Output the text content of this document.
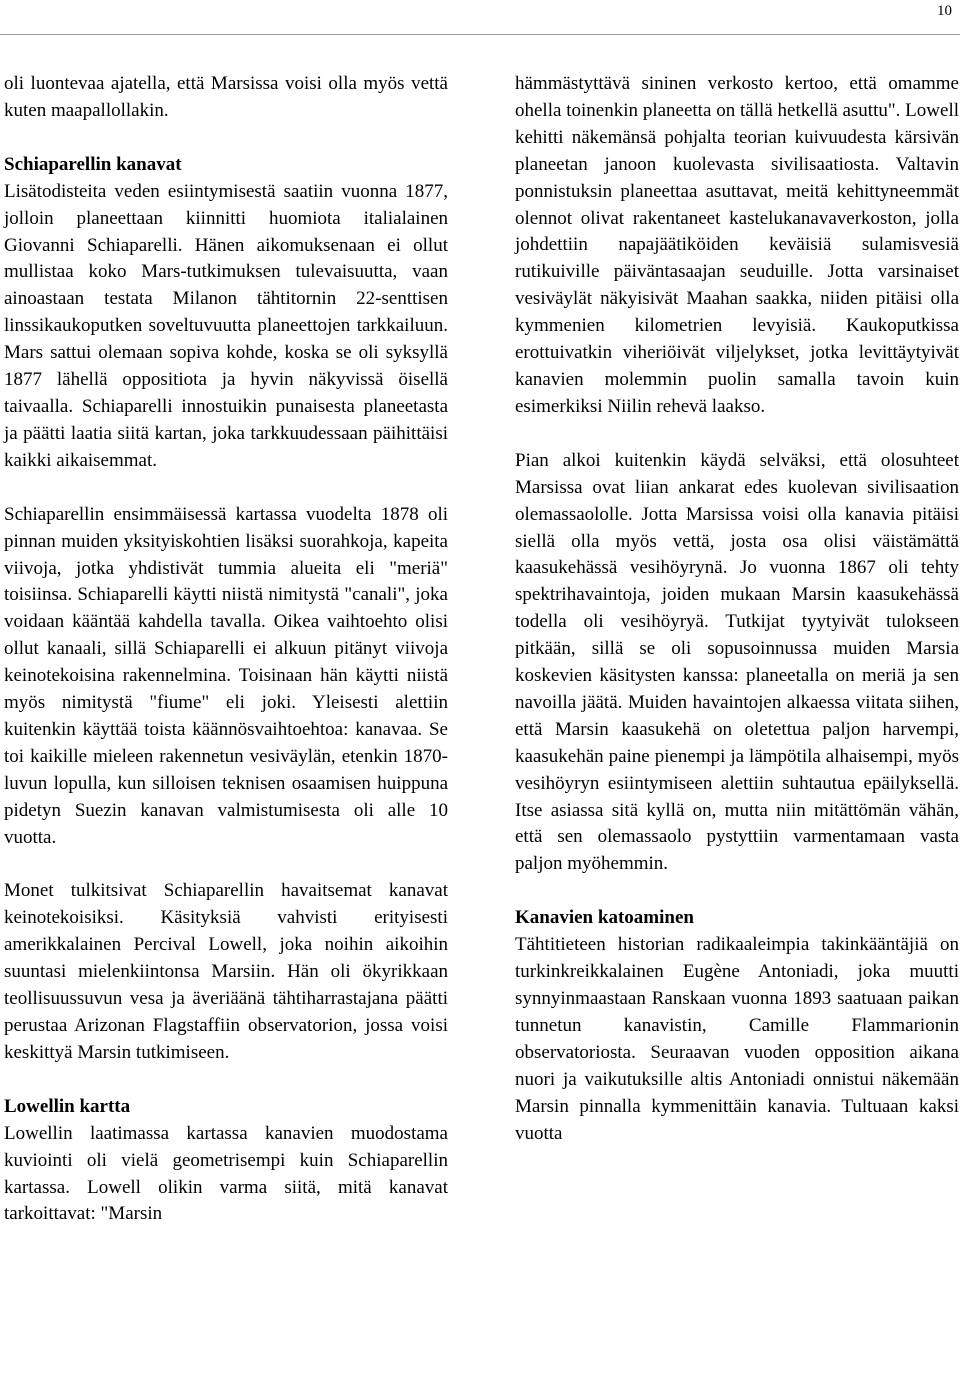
10

oli luontevaa ajatella, että Marsissa voisi olla myös vettä kuten maapallollakin.

Schiaparellin kanavat

Lisätodisteita veden esiintymisestä saatiin vuonna 1877, jolloin planeettaan kiinnitti huomiota italialainen Giovanni Schiaparelli. Hänen aikomuksenaan ei ollut mullistaa koko Mars-tutkimuksen tulevaisuutta, vaan ainoastaan testata Milanon tähtitornin 22-senttisen linssikaukoputken soveltuvuutta planeettojen tarkkailuun. Mars sattui olemaan sopiva kohde, koska se oli syksyllä 1877 lähellä oppositiota ja hyvin näkyvissä öisellä taivaalla. Schiaparelli innostuikin punaisesta planeetasta ja päätti laatia siitä kartan, joka tarkkuudessaan päihittäisi kaikki aikaisemmat.

Schiaparellin ensimmäisessä kartassa vuodelta 1878 oli pinnan muiden yksityiskohtien lisäksi suorahkoja, kapeita viivoja, jotka yhdistivät tummia alueita eli "meriä" toisiinsa. Schiaparelli käytti niistä nimitystä "canali", joka voidaan kääntää kahdella tavalla. Oikea vaihtoehto olisi ollut kanaali, sillä Schiaparelli ei alkuun pitänyt viivoja keinotekoisina rakennelmina. Toisinaan hän käytti niistä myös nimitystä "fiume" eli joki. Yleisesti alettiin kuitenkin käyttää toista käännösvaihtoehtoa: kanavaa. Se toi kaikille mieleen rakennetun vesiväylän, etenkin 1870-luvun lopulla, kun silloisen teknisen osaamisen huippuna pidetyn Suezin kanavan valmistumisesta oli alle 10 vuotta.

Monet tulkitsivat Schiaparellin havaitsemat kanavat keinotekoisiksi. Käsityksiä vahvisti erityisesti amerikkalainen Percival Lowell, joka noihin aikoihin suuntasi mielenkiintonsa Marsiin. Hän oli ökyrikkaan teollisuussuvun vesa ja äveriäänä tähtiharrastajana päätti perustaa Arizonan Flagstaffiin observatorion, jossa voisi keskittyä Marsin tutkimiseen.

Lowellin kartta

Lowellin laatimassa kartassa kanavien muodostama kuviointi oli vielä geometrisempi kuin Schiaparellin kartassa. Lowell olikin varma siitä, mitä kanavat tarkoittavat: "Marsin

hämmästyttävä sininen verkosto kertoo, että omamme ohella toinenkin planeetta on tällä hetkellä asuttu". Lowell kehitti näkemänsä pohjalta teorian kuivuudesta kärsivän planeetan janoon kuolevasta sivilisaatiosta. Valtavin ponnistuksin planeettaa asuttavat, meitä kehittyneemmät olennot olivat rakentaneet kastelukanavaverkoston, jolla johdettiin napajäätiköiden keväisiä sulamisvesiä rutikuiville päiväntasaajan seuduille. Jotta varsinaiset vesiväylät näkyisivät Maahan saakka, niiden pitäisi olla kymmenien kilometrien levyisiä. Kaukoputkissa erottuivatkin viheriöivät viljelykset, jotka levittäytyivät kanavien molemmin puolin samalla tavoin kuin esimerkiksi Niilin rehevä laakso.

Pian alkoi kuitenkin käydä selväksi, että olosuhteet Marsissa ovat liian ankarat edes kuolevan sivilisaation olemassaololle. Jotta Marsissa voisi olla kanavia pitäisi siellä olla myös vettä, josta osa olisi väistämättä kaasukehässä vesihöyrynä. Jo vuonna 1867 oli tehty spektrihavaintoja, joiden mukaan Marsin kaasukehässä todella oli vesihöyryä. Tutkijat tyytyivät tulokseen pitkään, sillä se oli sopusoinnussa muiden Marsia koskevien käsitysten kanssa: planeetalla on meriä ja sen navoilla jäätä. Muiden havaintojen alkaessa viitata siihen, että Marsin kaasukehä on oletettua paljon harvempi, kaasukehän paine pienempi ja lämpötila alhaisempi, myös vesihöyryn esiintymiseen alettiin suhtautua epäilyksellä. Itse asiassa sitä kyllä on, mutta niin mitättömän vähän, että sen olemassaolo pystyttiin varmentamaan vasta paljon myöhemmin.

Kanavien katoaminen

Tähtitieteen historian radikaaleimpia takinkääntäjiä on turkinkreikkalainen Eugène Antoniadi, joka muutti synnyinmaastaan Ranskaan vuonna 1893 saatuaan paikan tunnetun kanavistin, Camille Flammarionin observatoriosta. Seuraavan vuoden opposition aikana nuori ja vaikutuksille altis Antoniadi onnistui näkemään Marsin pinnalla kymmenittäin kanavia. Tultuaan kaksi vuotta
